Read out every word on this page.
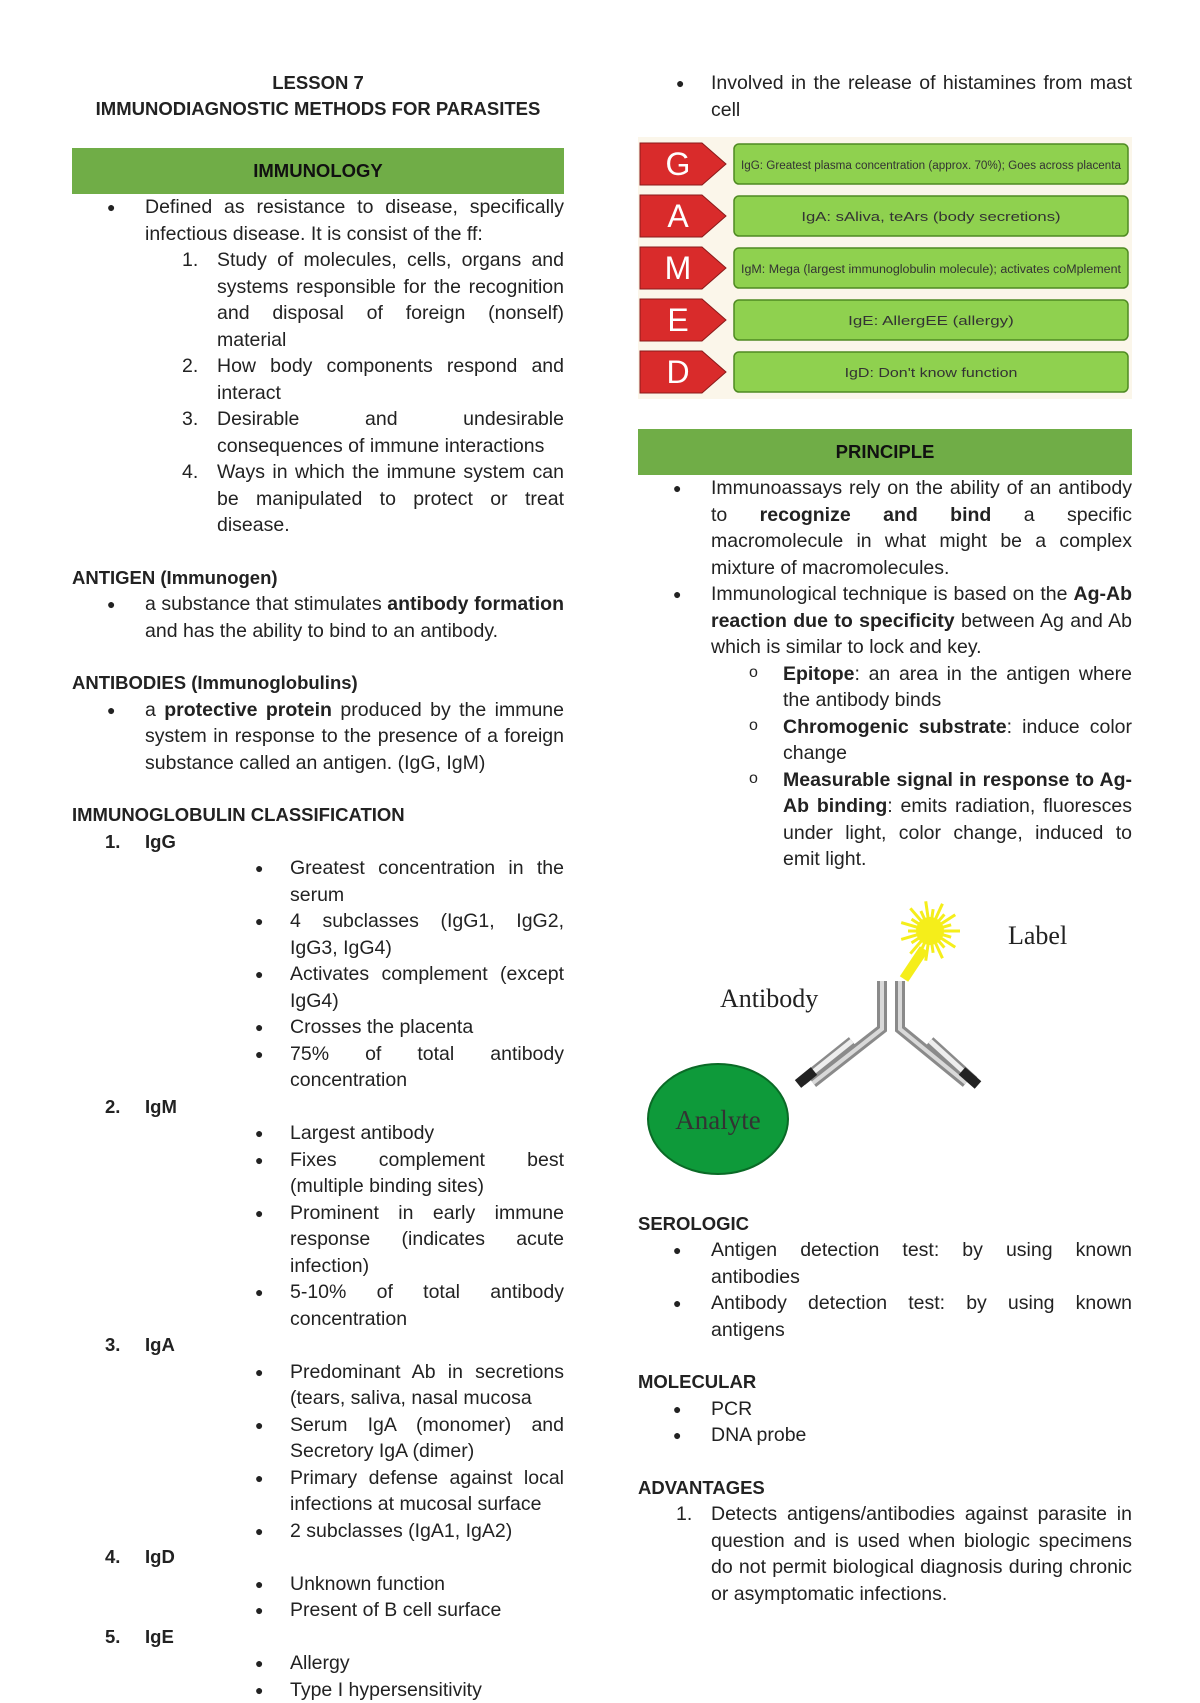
LESSON 7
IMMUNODIAGNOSTIC METHODS FOR PARASITES
IMMUNOLOGY
● Defined as resistance to disease, specifically infectious disease. It is consist of the ff:
1. Study of molecules, cells, organs and systems responsible for the recognition and disposal of foreign (nonself) material
2. How body components respond and interact
3. Desirable and undesirable consequences of immune interactions
4. Ways in which the immune system can be manipulated to protect or treat disease.
ANTIGEN (Immunogen)
● a substance that stimulates antibody formation and has the ability to bind to an antibody.
ANTIBODIES (Immunoglobulins)
● a protective protein produced by the immune system in response to the presence of a foreign substance called an antigen. (IgG, IgM)
IMMUNOGLOBULIN CLASSIFICATION
1. IgG
● Greatest concentration in the serum
● 4 subclasses (IgG1, IgG2, IgG3, IgG4)
● Activates complement (except IgG4)
● Crosses the placenta
● 75% of total antibody concentration
2. IgM
● Largest antibody
● Fixes complement best (multiple binding sites)
● Prominent in early immune response (indicates acute infection)
● 5-10% of total antibody concentration
3. IgA
● Predominant Ab in secretions (tears, saliva, nasal mucosa
● Serum IgA (monomer) and Secretory IgA (dimer)
● Primary defense against local infections at mucosal surface
● 2 subclasses (IgA1, IgA2)
4. IgD
● Unknown function
● Present of B cell surface
5. IgE
● Allergy
● Type I hypersensitivity
● Involved in the release of histamines from mast cell
G	IgG: Greatest plasma concentration (approx. 70%); Goes across placenta
A	IgA: sAliva, teArs (body secretions)
M	IgM: Mega (largest immunoglobulin molecule); activates coMplement
E	IgE: AllergEE (allergy)
D	IgD: Don't know function
PRINCIPLE
● Immunoassays rely on the ability of an antibody to recognize and bind a specific macromolecule in what might be a complex mixture of macromolecules.
● Immunological technique is based on the Ag-Ab reaction due to specificity between Ag and Ab which is similar to lock and key.
o Epitope: an area in the antigen where the antibody binds
o Chromogenic substrate: induce color change
o Measurable signal in response to Ag-Ab binding: emits radiation, fluoresces under light, color change, induced to emit light.
Label
Antibody
Analyte
SEROLOGIC
● Antigen detection test: by using known antibodies
● Antibody detection test: by using known antigens
MOLECULAR
● PCR
● DNA probe
ADVANTAGES
1. Detects antigens/antibodies against parasite in question and is used when biologic specimens do not permit biological diagnosis during chronic or asymptomatic infections.
